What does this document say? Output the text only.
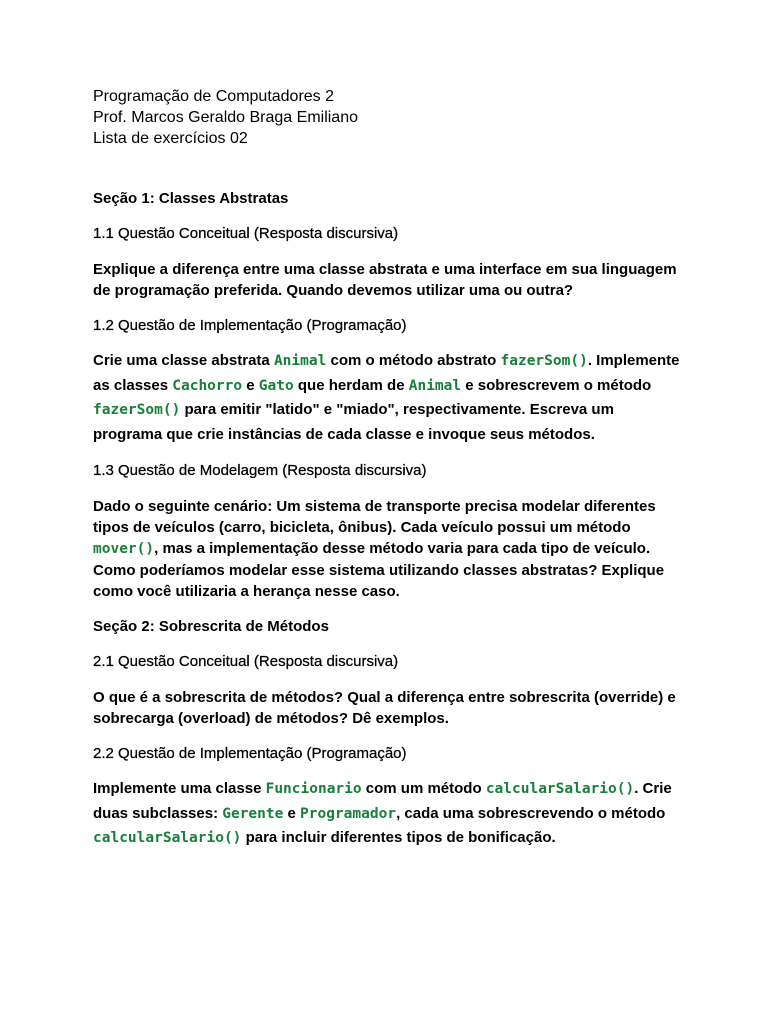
Programação de Computadores 2

Prof. Marcos Geraldo Braga Emiliano

Lista de exercícios 02

Seção 1: Classes Abstratas
1.1 Questão Conceitual (Resposta discursiva)

Explique a diferença entre uma classe abstrata e uma interface em sua linguagem de programação preferida. Quando devemos utilizar uma ou outra?

1.2 Questão de Implementação (Programação)

Crie uma classe abstrata Animal com o método abstrato fazerSom(). Implemente as classes Cachorro e Gato que herdam de Animal e sobrescrevem o método fazerSom() para emitir "latido" e "miado", respectivamente. Escreva um programa que crie instâncias de cada classe e invoque seus métodos.

1.3 Questão de Modelagem (Resposta discursiva)

Dado o seguinte cenário: Um sistema de transporte precisa modelar diferentes tipos de veículos (carro, bicicleta, ônibus). Cada veículo possui um método mover(), mas a implementação desse método varia para cada tipo de veículo. Como poderíamos modelar esse sistema utilizando classes abstratas? Explique como você utilizaria a herança nesse caso.

Seção 2: Sobrescrita de Métodos
2.1 Questão Conceitual (Resposta discursiva)

O que é a sobrescrita de métodos? Qual a diferença entre sobrescrita (override) e sobrecarga (overload) de métodos? Dê exemplos.

2.2 Questão de Implementação (Programação)

Implemente uma classe Funcionario com um método calcularSalario(). Crie duas subclasses: Gerente e Programador, cada uma sobrescrevendo o método calcularSalario() para incluir diferentes tipos de bonificação.
